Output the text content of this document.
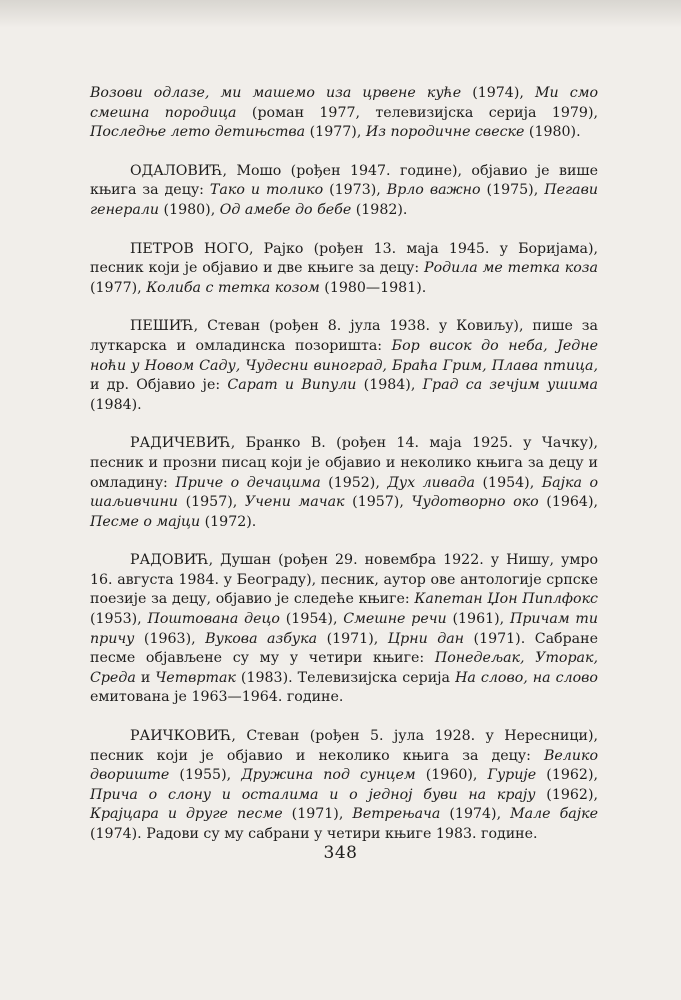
Возови одлазе, ми машемо иза црвене куће (1974), Ми смо смешна породица (роман 1977, телевизијска серија 1979), Последње лето детињства (1977), Из породичне свеске (1980).

ОДАЛОВИЋ, Мошо (рођен 1947. године), објавио је више књига за децу: Тако и толико (1973), Врло важно (1975), Пегави генерали (1980), Од амебе до бебе (1982).

ПЕТРОВ НОГО, Рајко (рођен 13. маја 1945. у Боријама), песник који је објавио и две књиге за децу: Родила ме тетка коза (1977), Колиба с тетка козом (1980—1981).

ПЕШИЋ, Стеван (рођен 8. јула 1938. у Ковиљу), пише за луткарска и омладинска позоришта: Бор висок до неба, Једне ноћи у Новом Саду, Чудесни виноград, Браћа Грим, Плава птица, и др. Објавио је: Сарат и Випули (1984), Град са зечјим ушима (1984).

РАДИЧЕВИЋ, Бранко В. (рођен 14. маја 1925. у Чачку), песник и прозни писац који је објавио и неколико књига за децу и омладину: Приче о дечацима (1952), Дух ливада (1954), Бајка о шаљивчини (1957), Учени мачак (1957), Чудотворно око (1964), Песме о мајци (1972).

РАДОВИЋ, Душан (рођен 29. новембра 1922. у Нишу, умро 16. августа 1984. у Београду), песник, аутор ове антологије српске поезије за децу, објавио је следеће књиге: Капетан Џон Пиплфокс (1953), Поштована децо (1954), Смешне речи (1961), Причам ти причу (1963), Вукова азбука (1971), Црни дан (1971). Сабране песме објављене су му у четири књиге: Понедељак, Уторак, Среда и Четвртак (1983). Телевизијска серија На слово, на слово емитована је 1963—1964. године.

РАИЧКОВИЋ, Стеван (рођен 5. јула 1928. у Нересници), песник који је објавио и неколико књига за децу: Велико двориште (1955), Дружина под сунцем (1960), Гурије (1962), Прича о слону и осталима и о једној буви на крају (1962), Крајцара и друге песме (1971), Ветрењача (1974), Мале бајке (1974). Радови су му сабрани у четири књиге 1983. године.

348
